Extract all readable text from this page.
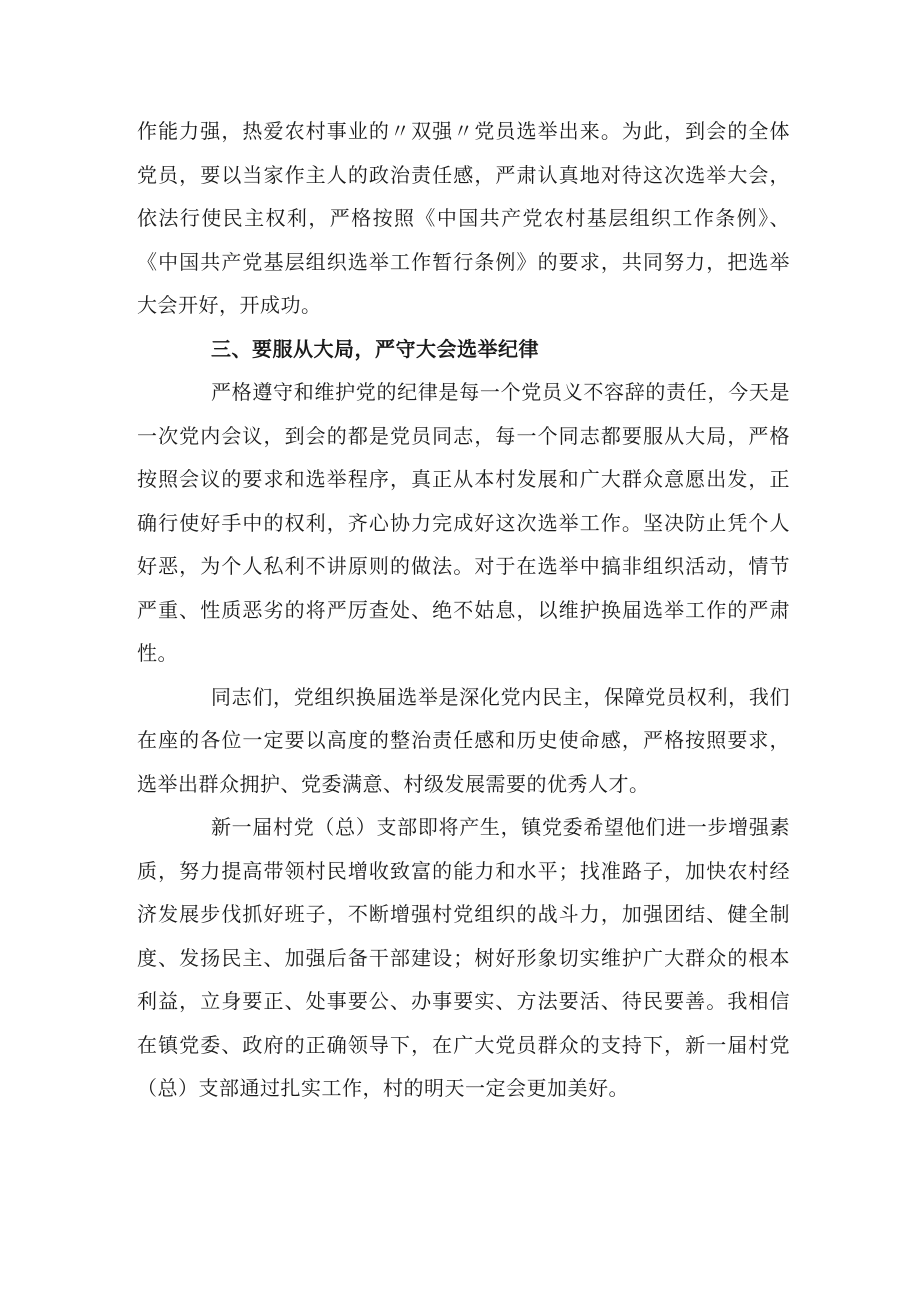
作能力强，热爱农村事业的〃双强〃党员选举出来。为此，到会的全体党员，要以当家作主人的政治责任感，严肃认真地对待这次选举大会，依法行使民主权利，严格按照《中国共产党农村基层组织工作条例》、《中国共产党基层组织选举工作暂行条例》的要求，共同努力，把选举大会开好，开成功。

三、要服从大局，严守大会选举纪律

严格遵守和维护党的纪律是每一个党员义不容辞的责任，今天是一次党内会议，到会的都是党员同志，每一个同志都要服从大局，严格按照会议的要求和选举程序，真正从本村发展和广大群众意愿出发，正确行使好手中的权利，齐心协力完成好这次选举工作。坚决防止凭个人好恶，为个人私利不讲原则的做法。对于在选举中搞非组织活动，情节严重、性质恶劣的将严厉查处、绝不姑息，以维护换届选举工作的严肃性。

同志们，党组织换届选举是深化党内民主，保障党员权利，我们在座的各位一定要以高度的整治责任感和历史使命感，严格按照要求，选举出群众拥护、党委满意、村级发展需要的优秀人才。

新一届村党（总）支部即将产生，镇党委希望他们进一步增强素质，努力提高带领村民增收致富的能力和水平；找准路子，加快农村经济发展步伐抓好班子，不断增强村党组织的战斗力，加强团结、健全制度、发扬民主、加强后备干部建设；树好形象切实维护广大群众的根本利益，立身要正、处事要公、办事要实、方法要活、待民要善。我相信在镇党委、政府的正确领导下，在广大党员群众的支持下，新一届村党（总）支部通过扎实工作，村的明天一定会更加美好。
